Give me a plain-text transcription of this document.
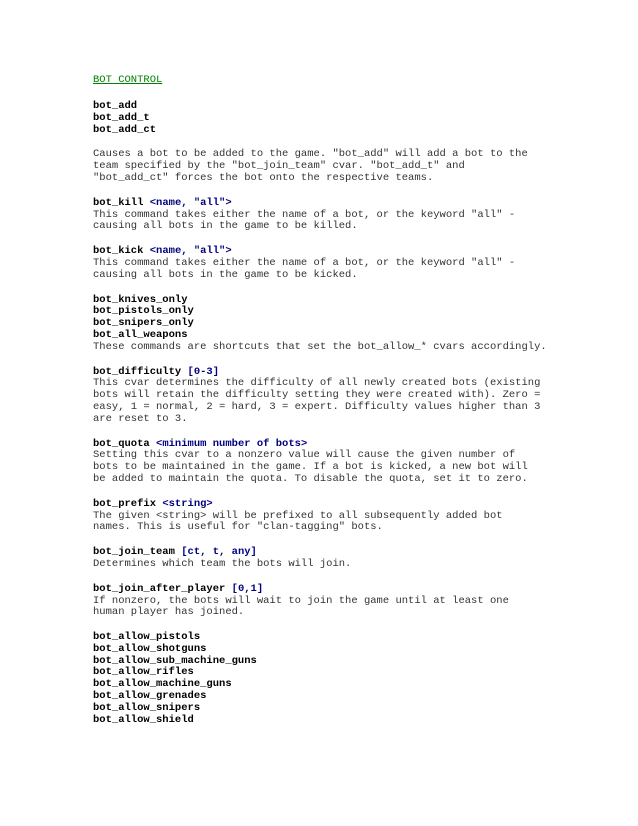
BOT CONTROL
bot_add
bot_add_t
bot_add_ct
Causes a bot to be added to the game. "bot_add" will add a bot to the
team specified by the "bot_join_team" cvar. "bot_add_t" and
"bot_add_ct" forces the bot onto the respective teams.
bot_kill <name, "all">
This command takes either the name of a bot, or the keyword "all" -
causing all bots in the game to be killed.
bot_kick <name, "all">
This command takes either the name of a bot, or the keyword "all" -
causing all bots in the game to be kicked.
bot_knives_only
bot_pistols_only
bot_snipers_only
bot_all_weapons
These commands are shortcuts that set the bot_allow_* cvars accordingly.
bot_difficulty [0-3]
This cvar determines the difficulty of all newly created bots (existing
bots will retain the difficulty setting they were created with). Zero =
easy, 1 = normal, 2 = hard, 3 = expert. Difficulty values higher than 3
are reset to 3.
bot_quota <minimum number of bots>
Setting this cvar to a nonzero value will cause the given number of
bots to be maintained in the game. If a bot is kicked, a new bot will
be added to maintain the quota. To disable the quota, set it to zero.
bot_prefix <string>
The given <string> will be prefixed to all subsequently added bot
names. This is useful for "clan-tagging" bots.
bot_join_team [ct, t, any]
Determines which team the bots will join.
bot_join_after_player [0,1]
If nonzero, the bots will wait to join the game until at least one
human player has joined.
bot_allow_pistols
bot_allow_shotguns
bot_allow_sub_machine_guns
bot_allow_rifles
bot_allow_machine_guns
bot_allow_grenades
bot_allow_snipers
bot_allow_shield
